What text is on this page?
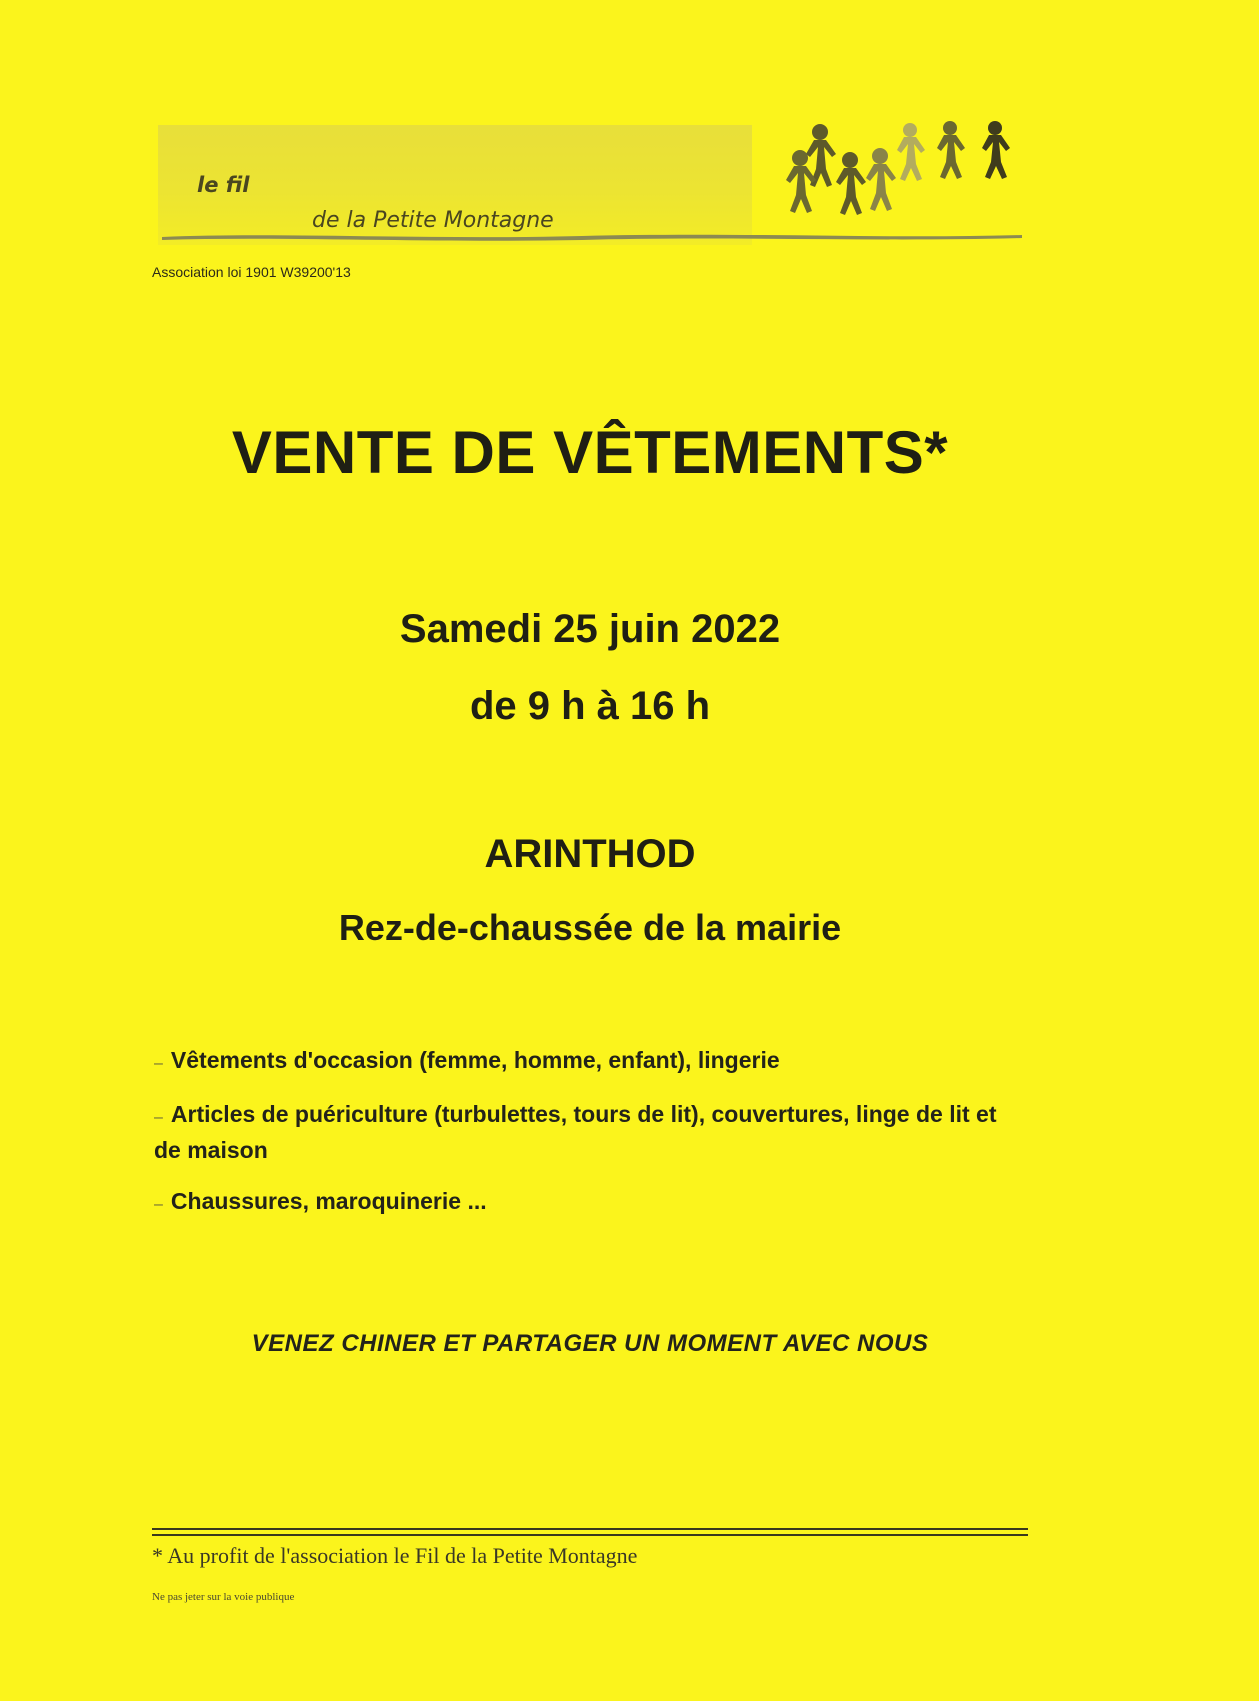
le fil
de la Petite Montagne
Association loi 1901 W39200'13
VENTE DE VÊTEMENTS*
Samedi 25 juin 2022
de 9 h à 16 h
ARINTHOD
Rez-de-chaussée de la mairie
– Vêtements d'occasion (femme, homme, enfant), lingerie
– Articles de puériculture (turbulettes, tours de lit), couvertures, linge de lit et de maison
– Chaussures, maroquinerie ...
VENEZ CHINER ET PARTAGER UN MOMENT AVEC NOUS
* Au profit de l'association le Fil de la Petite Montagne
Ne pas jeter sur la voie publique
